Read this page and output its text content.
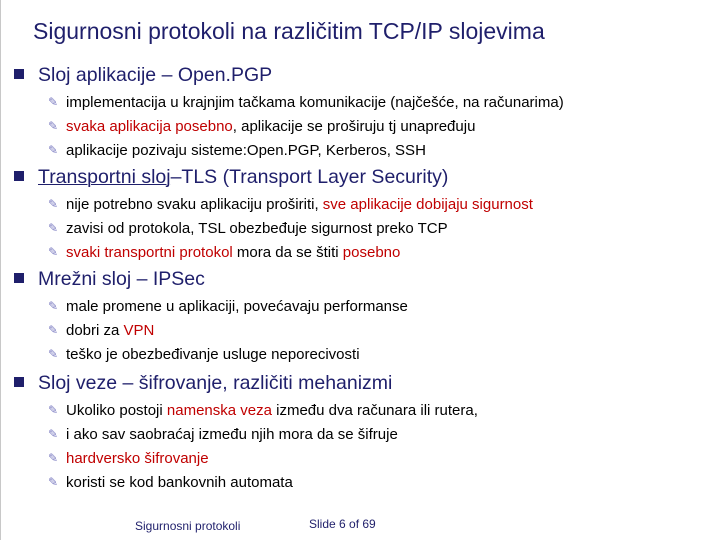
Sigurnosni protokoli na različitim TCP/IP slojevima
Sloj aplikacije – Open.PGP
✎ implementacija u krajnjim tačkama komunikacije (najčešće, na računarima)
✎ svaka aplikacija posebno, aplikacije se proširuju tj unapređuju
✎ aplikacije pozivaju sisteme:Open.PGP, Kerberos, SSH
Transportni sloj–TLS (Transport Layer Security)
✎ nije potrebno svaku aplikaciju proširiti, sve aplikacije dobijaju sigurnost
✎ zavisi od protokola, TSL obezbeđuje sigurnost preko TCP
✎ svaki transportni protokol mora da se štiti posebno
Mrežni sloj – IPSec
✎ male promene u aplikaciji, povećavaju performanse
✎ dobri za VPN
✎ teško je obezbeđivanje usluge neporecivosti
Sloj veze – šifrovanje, različiti mehanizmi
✎ Ukoliko postoji namenska veza između dva računara ili rutera,
✎ i ako sav saobraćaj između njih mora da se šifruje
✎ hardversko šifrovanje
✎ koristi se kod bankovnih automata
Sigurnosni protokoli	Slide 6 of 69
